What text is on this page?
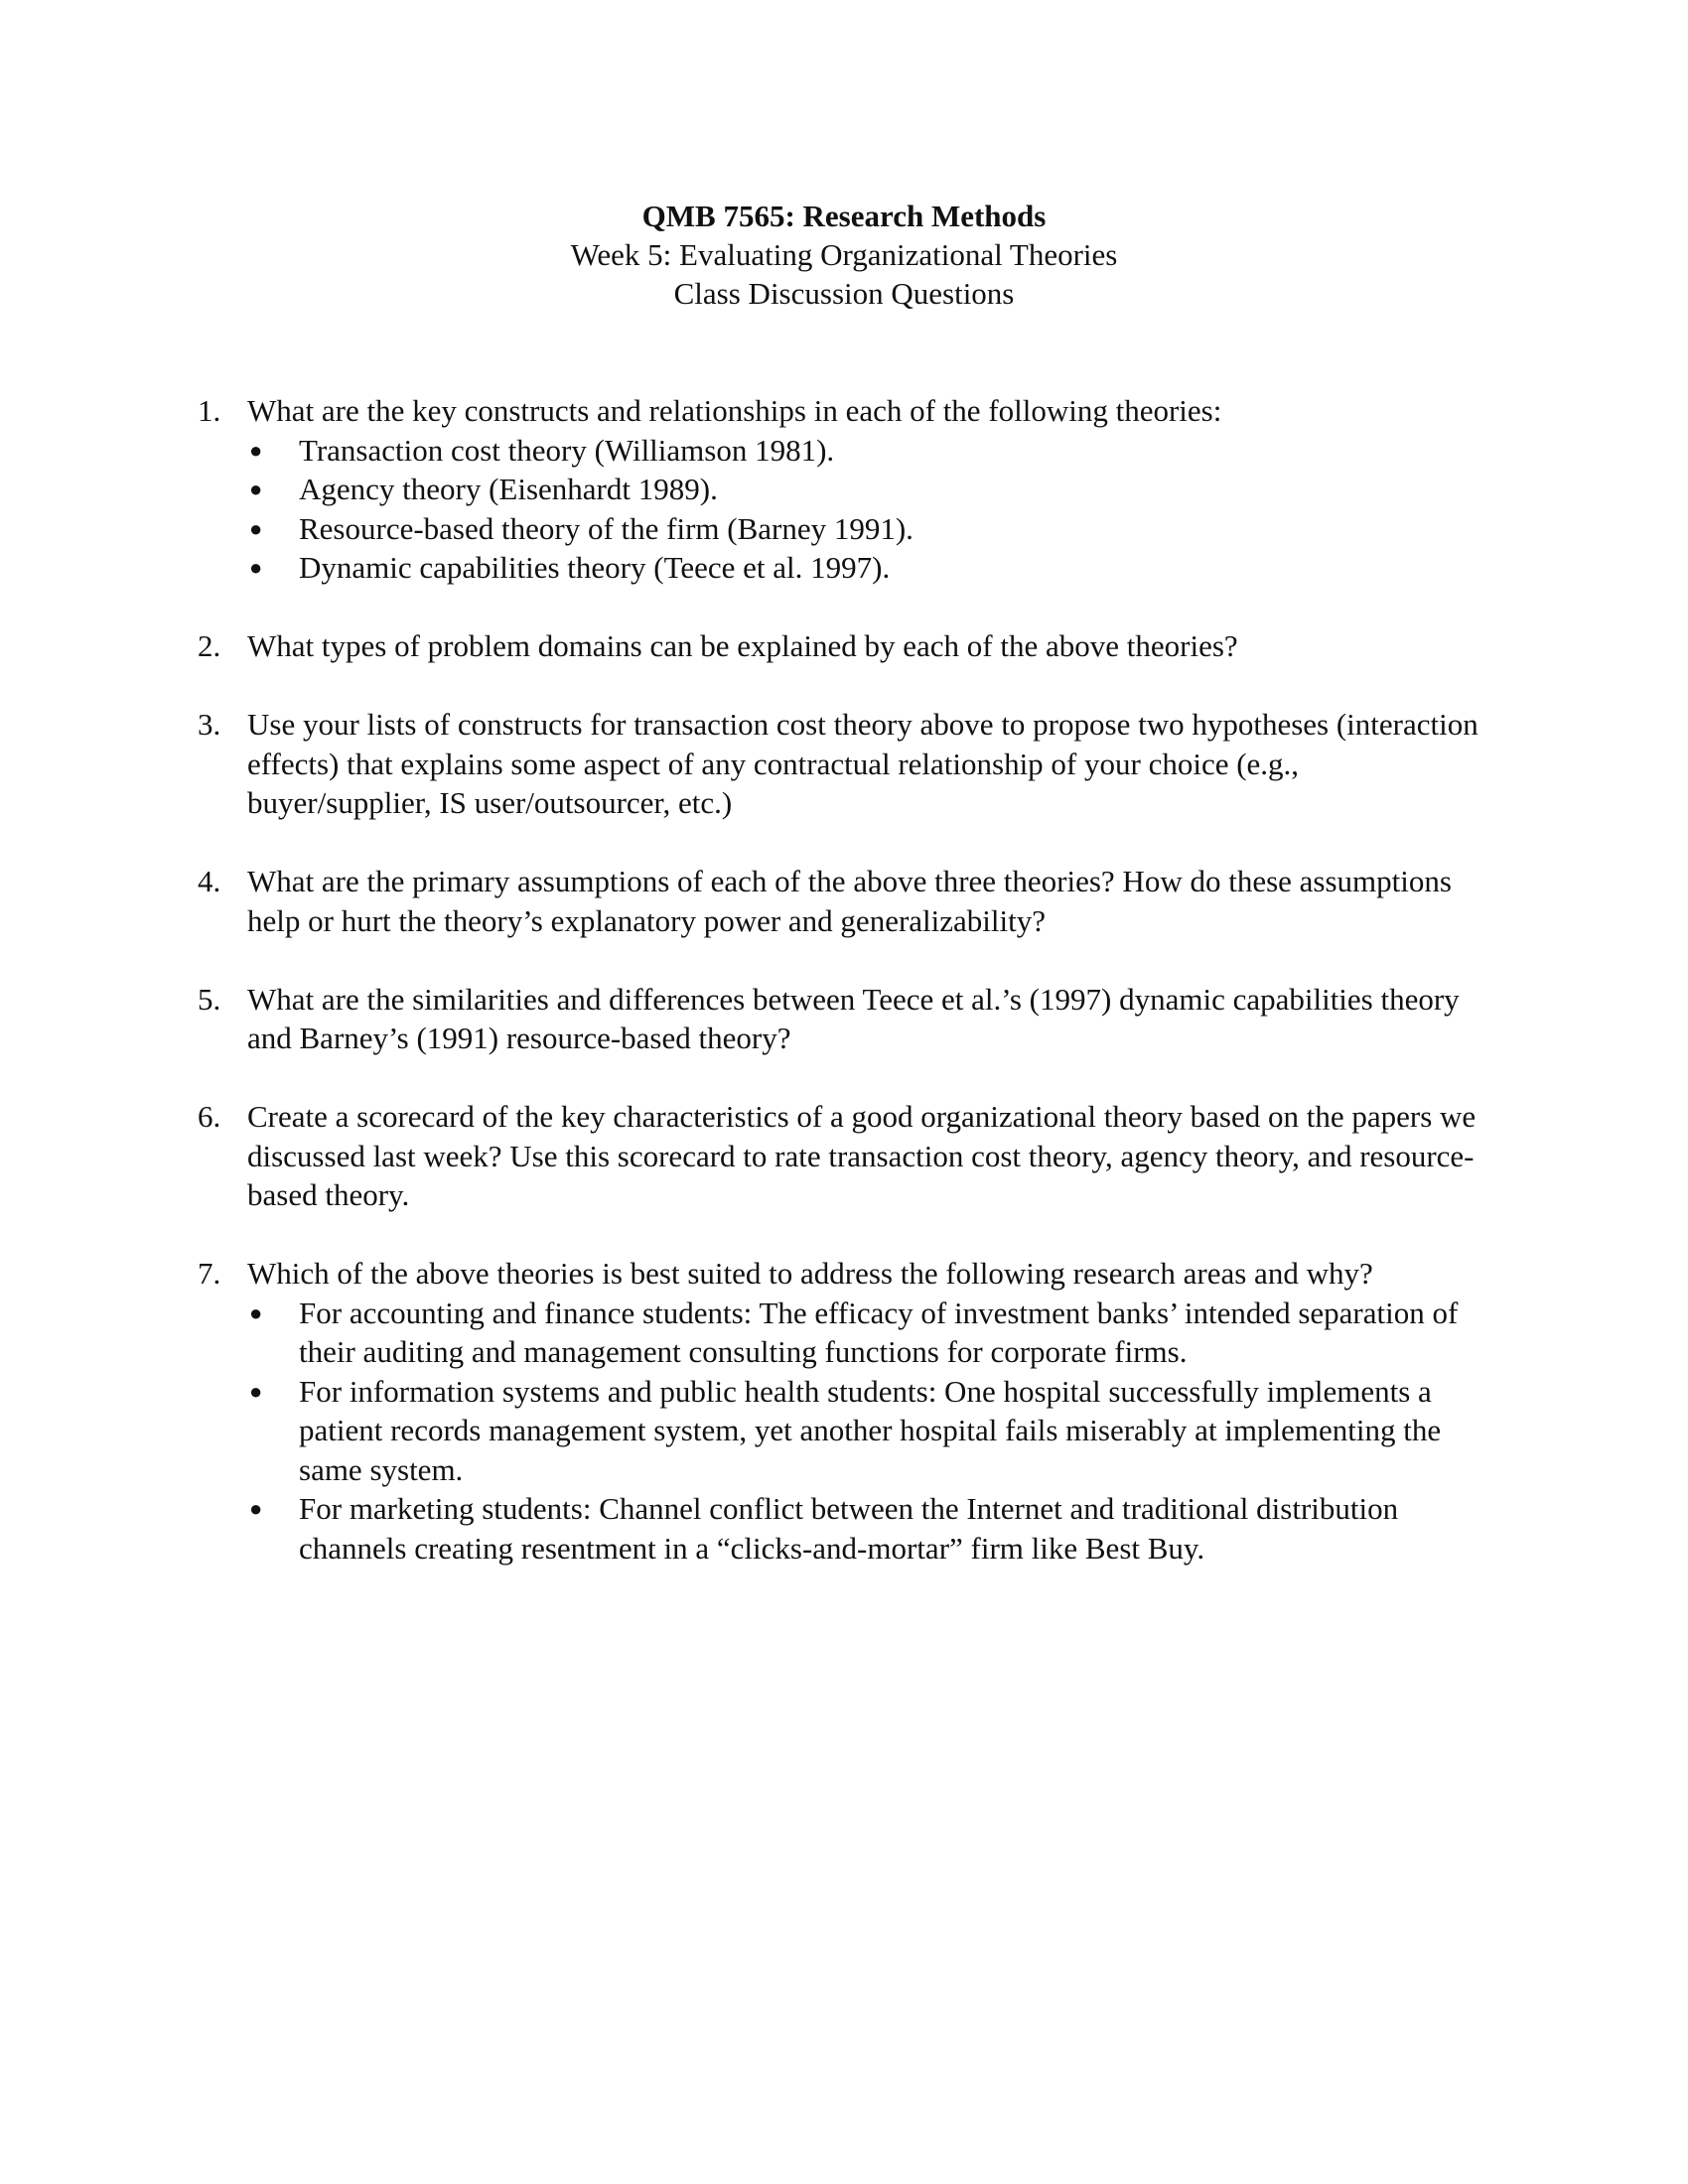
QMB 7565: Research Methods
Week 5: Evaluating Organizational Theories
Class Discussion Questions
1. What are the key constructs and relationships in each of the following theories:
●	Transaction cost theory (Williamson 1981).
●	Agency theory (Eisenhardt 1989).
●	Resource-based theory of the firm (Barney 1991).
●	Dynamic capabilities theory (Teece et al. 1997).
2. What types of problem domains can be explained by each of the above theories?
3. Use your lists of constructs for transaction cost theory above to propose two hypotheses (interaction effects) that explains some aspect of any contractual relationship of your choice (e.g., buyer/supplier, IS user/outsourcer, etc.)
4. What are the primary assumptions of each of the above three theories? How do these assumptions help or hurt the theory’s explanatory power and generalizability?
5. What are the similarities and differences between Teece et al.’s (1997) dynamic capabilities theory and Barney’s (1991) resource-based theory?
6. Create a scorecard of the key characteristics of a good organizational theory based on the papers we discussed last week? Use this scorecard to rate transaction cost theory, agency theory, and resource-based theory.
7. Which of the above theories is best suited to address the following research areas and why?
●	For accounting and finance students: The efficacy of investment banks’ intended separation of their auditing and management consulting functions for corporate firms.
●	For information systems and public health students: One hospital successfully implements a patient records management system, yet another hospital fails miserably at implementing the same system.
●	For marketing students: Channel conflict between the Internet and traditional distribution channels creating resentment in a “clicks-and-mortar” firm like Best Buy.
